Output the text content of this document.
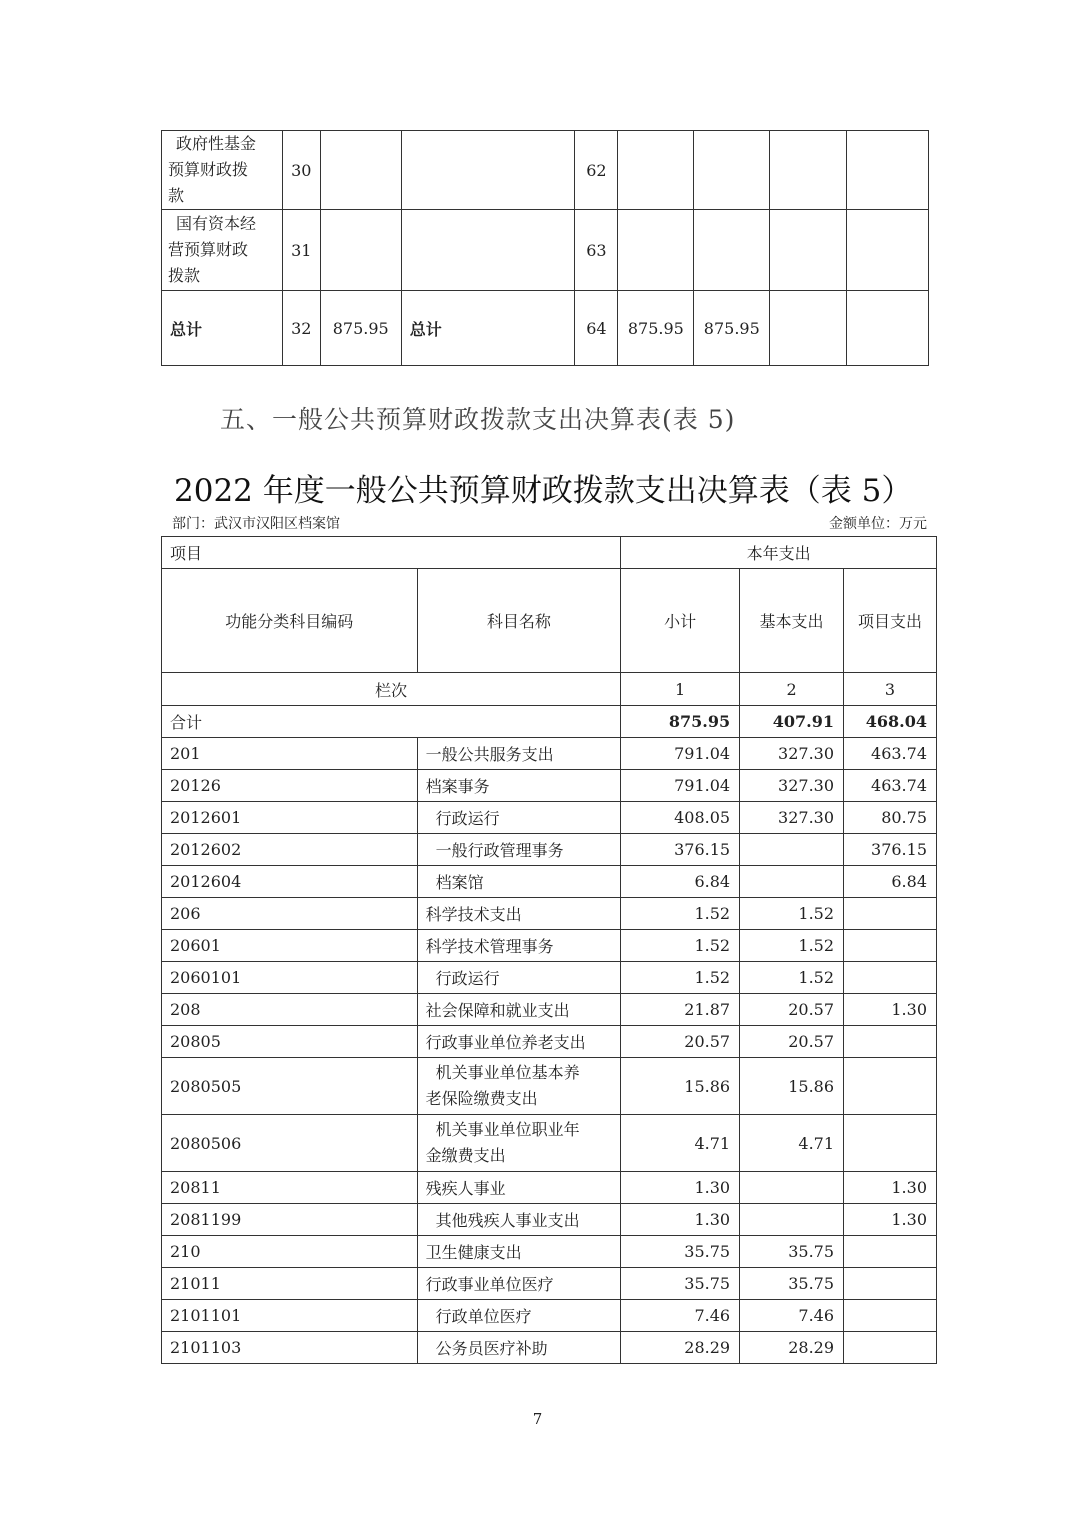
政府性基金
预算财政拨
款	30			62				

国有资本经
营预算财政
拨款	31			63				
总计	32	875.95	总计	64	875.95	875.95		
五、一般公共预算财政拨款支出决算表(表 5)
2022 年度一般公共预算财政拨款支出决算表（表 5）
部门：武汉市汉阳区档案馆	金额单位：万元
项目		本年支出		
功能分类科目编码	科目名称	小计	基本支出	项目支出
栏次		1	2	3
合计		875.95	407.91	468.04
201	一般公共服务支出	791.04	327.30	463.74
20126	档案事务	791.04	327.30	463.74
2012601	行政运行	408.05	327.30	80.75
2012602	一般行政管理事务	376.15		376.15
2012604	档案馆	6.84		6.84
206	科学技术支出	1.52	1.52	
20601	科学技术管理事务	1.52	1.52	
2060101	行政运行	1.52	1.52	
208	社会保障和就业支出	21.87	20.57	1.30
20805	行政事业单位养老支出	20.57	20.57	
2080505	机关事业单位基本养
老保险缴费支出	15.86	15.86	
2080506	机关事业单位职业年
金缴费支出	4.71	4.71	
20811	残疾人事业	1.30		1.30
2081199	其他残疾人事业支出	1.30		1.30
210	卫生健康支出	35.75	35.75	
21011	行政事业单位医疗	35.75	35.75	
2101101	行政单位医疗	7.46	7.46	
2101103	公务员医疗补助	28.29	28.29	
7
